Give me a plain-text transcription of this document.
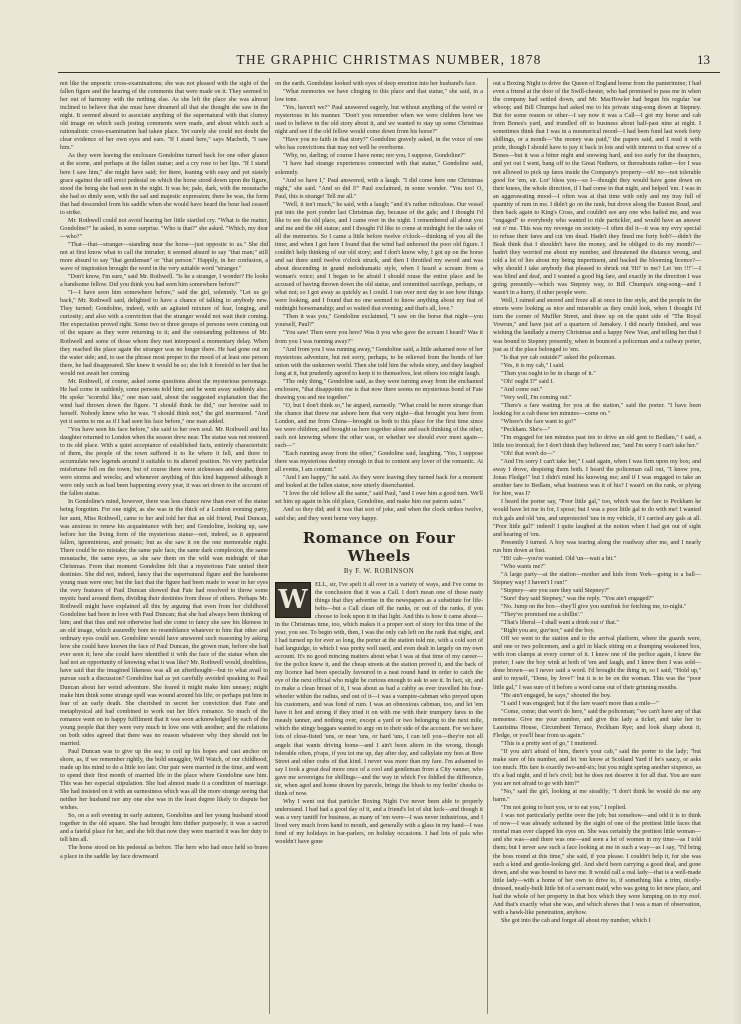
THE GRAPHIC CHRISTMAS NUMBER, 1878	13

not like the unpoetic cross-examinations; she was not pleased with the sight of the fallen figure and the hearing of the comments that were made on it. They seemed to her out of harmony with the nothing else. As she left the place she was almost inclined to believe that she must have dreamed all that she thought she saw in the night. It seemed absurd to associate anything of the supernatural with that clumsy old image on which such jesting comments were made, and about which such a rationalistic cross-examination had taken place. Yet surely she could not doubt the clear evidence of her own eyes and ears. "If I stand here," says Macbeth, "I saw him."

As they were leaving the enclosure Gondoline turned back for one other glance at the scene, and perhaps at the fallen statue; and a cry rose to her lips. "If I stand here I saw him," she might have said; for there, leaning with easy and yet stately grace against the still erect pedestal on which the horse stood down upon the figure, stood the being she had seen in the night. It was he; pale, dark, with the moustache she had so dimly seen, with the sad and majestic expression; there he was, the form that had descended from his saddle when she would have heard the hour had ceased to strike.

Mr. Rothwell could not avoid hearing her little startled cry. "What is the matter, Gondoline?" he asked, in some surprise. "Who is that?" she asked. "Which, my dear—who?"

"That—that—stranger—standing near the horse—just opposite to us." She did not at first know what to call the intruder; it seemed absurd to say "that man;" still more absurd to say "that gentleman" or "that person." Happily, in her confusion, a wave of inspiration brought the word in the very suitable word "stranger."

"Don't know, I'm sure," said Mr. Rothwell. "Is he a stranger, I wonder? He looks a handsome fellow. Did you think you had seen him somewhere before?"

"I—I have seen him somewhere before," said the girl, solemnly. "Let us go back," Mr. Rothwell said, delighted to have a chance of talking to anybody new. They turned; Gondoline, indeed, with an agitated mixture of fear, longing, and curiosity; and also with a conviction that the stranger would not wait their coming. Her expectation proved right. Some two or three groups of persons were coming out of the square as they were returning to it; and the outstanding politeness of Mr. Rothwell and some of those whom they met interposed a momentary delay. When they reached the place again the stranger was no longer there. He had gone out on the water side; and, to use the phrase most proper to the mood of at least one person there, he had disappeared. She knew it would be so; she felt it foretold to her that he would not await her coming.

Mr. Rothwell, of course, asked some questions about the mysterious personage. He had come in suddenly, some persons told him; and he went away suddenly also. He spoke "scornful like," one man said, about the suggested explanation that the wind had thrown down the figure. "I should think he did," our heroine said to herself. Nobody knew who he was. "I should think not," the girl murmured. "And yet it seems to me as if I had seen his face before," one man added.

"You have seen his face before," she said to her own soul. Mr. Rothwell and his daughter returned to London when the season drew near. The statue was not restored to its old place. With a quiet acceptance of established facts, entirely characteristic of them, the people of the town suffered it to lie where it fell, and there to accumulate new legends around it suitable to its altered position. No very particular misfortune fell on the town; but of course there were sicknesses and deaths, there were storms and wrecks; and whenever anything of this kind happened although it were only such as had been happening every year, it was set down to the account of the fallen statue.

In Gondoline's mind, however, there was less chance now than ever of the statue being forgotten. For one night, as she was in the thick of a London evening party, her aunt, Miss Rothwell, came to her and told her that an old friend, Paul Duncan, was anxious to renew his acquaintance with her; and Gondoline, looking up, saw before her the living form of the mysterious statue—not, indeed, as it appeared fallen, ignominious, and prosaic; but as she saw it on the one memorable night. There could be no mistake; the same pale face, the same dark complexion, the same moustache, the same eyes, as she saw them on the wild wan midnight of that Christmas. From that moment Gondoline felt that a mysterious Fate united their destinies. She did not, indeed, fancy that the supernatural figure and the handsome young man were one; but the fact that the figure had been made to wear in her eyes the very features of Paul Duncan showed that Fate had resolved to throw some mystic band around them, dividing their destinies from those of others. Perhaps Mr. Rothwell might have explained all this by arguing that even from her childhood Gondoline had been in love with Paul Duncan; that she had always been thinking of him; and that thus and not otherwise had she come to fancy she saw his likeness in an old image, which assuredly bore no resemblance whatever to him that other and ordinary eyes could see. Gondoline would have answered such reasoning by asking how she could have known the face of Paul Duncan, the grown man, before she had ever seen it; how she could have identified it with the face of the statue when she had not an opportunity of knowing what it was like? Mr. Rothwell would, doubtless, have said that the imagined likeness was all an afterthought—but to what avail to pursue such a discussion? Gondoline had as yet carefully avoided speaking to Paul Duncan about her weird adventure. She feared it might make him uneasy; might make him think some strange spell was wound around his life; or perhaps put him in fear of an early death. She cherished in secret her conviction that Fate and metaphysical aid had combined to work out her life's romance. So much of the romance went on to happy fulfilment that it was soon acknowledged by each of the young people that they were very much in love one with another; and the relations on both sides agreed that there was no reason whatever why they should not be married.

Paul Duncan was to give up the sea; to coil up his hopes and cast anchor on shore, as, if we remember rightly, the bold smuggler, Will Watch, of our childhood, made up his mind to do a little too late. Our pair were married in the time, and went to spend their first month of married life in the place where Gondoline saw him. This was her especial stipulation. She had almost made it a condition of marriage. She had insisted on it with an earnestness which was all the more strange seeing that neither her husband nor any one else was in the least degree likely to dispute her wishes.

So, on a soft evening in early autumn, Gondoline and her young husband stood together in the old square. She had brought him thither purposely; it was a sacred and a fateful place for her, and she felt that now they were married it was her duty to tell him all.

The horse stood on his pedestal as before. The hero who had once held so brave a place in the saddle lay face downward

on the earth. Gondoline looked with eyes of deep emotion into her husband's face.

"What memories we have clinging to this place and that statue," she said, in a low tone.

"Yes, haven't we?" Paul answered eagerly, but without anything of the weird or mysterious in his manner. "Don't you remember when we were children how we used to believe in the old story about it, and we wanted to stay up some Christmas night and see if the old fellow would come down from his horse?"

"Have you no faith in that story?" Gondoline gravely asked, in the voice of one who has convictions that may not well be overborne.

"Why, no, darling; of course I have none; nor you, I suppose, Gondoline?"

"I have had strange experiences connected with that statue," Gondoline said, solemnly.

"And so have I," Paul answered, with a laugh. "I did come here one Christmas night," she said. "And so did I!" Paul exclaimed, in some wonder. "You too! O, Paul, this is strange! Tell me all."

"Well, it isn't much," he said, with a laugh; "and it's rather ridiculous. Our vessel put into the port yonder last Christmas day, because of the gale; and I thought I'd like to see the old place, and I came over in the night. I remembered all about you and me and the old statue; and I thought I'd like to come at midnight for the sake of all the memories. So I came a little before twelve o'clock—thinking of you all the time; and when I got here I found that the wind had unhorsed the poor old figure. I couldn't help thinking of our old story; and I don't know why, I got up on the horse and sat there until twelve o'clock struck, and then I throttled my sword and was about descending in grand melodramatic style, when I heard a scream from a woman's voice; and I began to be afraid I should rouse the entire place and be accused of having thrown down the old statue, and committed sacrilege, perhaps, or what not; so I got away as quickly as I could. I ran over next day to see how things were looking, and I found that no one seemed to know anything about my feat of midnight horsemanship; and so waited that evening; and that's all, love."

"Then it was you," Gondoline exclaimed, "I saw on the horse that night—you yourself, Paul?"

"You saw! Then were you here? Was it you who gave the scream I heard? Was it from you I was running away?"

"And from you I was running away," Gondoline said, a little ashamed now of her mysterious adventure, but not sorry, perhaps, to be relieved from the bonds of her union with the unknown world. Then she told him the whole story, and they laughed long at it, but prudently agreed to keep it to themselves, lest others too might laugh.

"The only thing," Gondoline said, as they were turning away from the enchanted enclosure, "that disappoints me is that now there seems no mysterious bond of Fate drawing you and me together."

"O, but I don't think so," he argued, earnestly. "What could be more strange than the chance that threw me ashore here that very night—that brought you here from London, and me from China—brought us both to this place for the first time since we were children; and brought us here together alone and each thinking of the other, each not knowing where the other was, or whether we should ever meet again—each—"

"Each running away from the other," Gondoline said, laughing. "Yes, I suppose there was mysterious destiny enough in that to content any lover of the romantic. At all events, I am content."

"And I am happy," he said. As they were leaving they turned back for a moment and looked at the fallen statue, now utterly disenchanted.

"I love the old fellow all the same," said Paul, "and I owe him a good turn. We'll set him up again in his old place, Gondoline, and make him our patron saint."

And so they did; and it was that sort of joke, and when the clock strikes twelve, said she; and they went home very happy.

Romance on Four Wheels
By F. W. ROBINSON
W	ELL, sir, I've spelt it all over in a variety of ways, and I've come to the conclusion that it was a Call. I don't mean one of those nasty things that they advertise in the newspapers as a substitute for life-belts—but a Call clean off the ranks, or out of the ranks, if you choose to look upon it in that light. And this is how it came about—in the Christmas time, too, which makes it a proper sort of story for this time of the year, you see. To begin with, then, I was the only cab left on the rank that night, and I had turned up for ever so long, the porter at the station told me, with a cold sort of bad languidge, to which I was pretty well used, and even dealt in largely on my own account. It's no good mincing matters about what I was at that time of my career—for the police knew it, and the cheap streets at the station proved it, and the back of my licence had been specially favoured in a neat round hand in order to catch the eye of the next official who might be curious enough to ask to see it. In fact, sir, and to make a clean breast of it, I was about as bad a cabby as ever travelled his four-wheeler within the radius, and out of it—I was a vampire-cabman who preyed upon his customers, and was fond of rum. I was an obnoxious cabman, too, and let 'em have it hot and strong if they tried it on with me with their trumpery fares to the measly tanner, and nothing over, except a yard or two belonging to the next mile, which the stingy beggars wanted to argy on to their side of the account. For we have lots of close-fisted 'uns, or near 'uns, or hard 'uns, I can tell you—they're not all angels that wants driving home—and I ain't been altern in the wrong, though tolerable often, p'raps, if you tot me up, day after day, and calkylate my fees at Bow Street and other crabs of that kind. I never was more than my fare. I'm ashamed to say I took a great deal more once of a cool and gentleman from a City vanner, who gave me sovereigns for shillings—and the way in which I've fiddled the difference, sir, when aged and home drawn by parcels, brings the blush to my feelin' cheeks to think of now.

Why I went out that particler Boxing Night I've never been able to properly understand. I had had a good day of it, and a friend's lot of slut luck—and though it was a very tantiff for business, as many of 'em were—I was never industrious, and I lived very much from hand to mouth, and generally with a glass in my hand—I was fond of my holidays in bar-parlers, on holiday occasions. I had lots of pals who wouldn't have gone

out a Boxing Night to drive the Queen of England home from the panterimine; I had even a friend at the door of the Swill-chester, who had promised to pass me in when the company had settled down, and Mr. MacHowler had begun his regular 'ear whoop; and Bill Chumpa had asked me to his private sing-song down at Stepney. But for some reason or other—I say now it was a Call—I got my horse and cab from Bones's yard, and trundled off to business about half-past nine at night. I sometimes think that I was in a mesmerical mood—I had been fond last week forty shillings, or a month—"the money was paid," the papers said, and I read it with pride, though I should have to pay it back in lots and with interest to that screw of a Bones—but it was a bitter night and snowing hard, and too early for the theayters, and yet out I went, bang off to the Great Nuthern, or thereabouts rather—for I was not allowed to pick up fares inside the Company's property—oh! no—not tolerable good for 'em, sir. Lor' bless you—so I—thought they would have gone down on their knees, the whole direction, if I had come in that night, and helped 'em. I was in an aggerawating mood—I often was at that time with only and my tray full of quantity of rum in me. I didn't go on the rank, but drove along the Euston Road, and then back again to King's Cross, and couldn't see any one who hailed me, and was "engaged" to everybody who wanted to ride partickler, and would have an answer out o' me. This was my revenge on society—I often did it—it was my evry special to refuse their fares and cut 'em dead. Hadn't they fined me forty bob?—didn't the Beak think that I shouldn't have the money, and be obliged to do my month?—hadn't they worried me about my number, and threatened the distance wrong, and told a lot of lies about my being impertinent, and backed the blooming licence?—why should I take anybody that pleased to shriek out 'Hi!' to me? Let 'em !!!"—I was blind and deaf, and I wanted a good big fare, and exactly in the direction I was going presently—which was Stepney way, to Bill Chumpa's sing-song—and I wasn't in a hurry, if other people were.

Well, I rained and snored and froze all at once in fine style, and the people in the streets were looking as nice and miserable as they could look, when I thought I'd turn the corner of Muffler Street, and draw up on the quiet side of "The Royal Vowrun," and have just arf a quartern of Jamakey. I did nearly finished, and was wishing the landlady a merry Christmas and a happy New Year, and telling her that I was bound to Stepney presently, when in bounced a policeman and a railway porter, just as if the place belonged to 'em.

"Is that yer cab outside?" asked the policeman.

"Yes, it is my cab," I said.

"Then you ought to be in charge of it."

"Oh! ought I?" said I.

"And come out."

"Very well, I'm coming out."

"There's a fare waiting for you at the station," said the porter. "I have been looking for a cab these ten minutes—come on."

"Where's the fare want to go?"

"Peckham. She's—"

"I'm engaged for ten minutes past ten to drive an old gent to Bedlam," I said, a little too ironical; for I don't think they believed me; "and I'm sorry I can't take her."

"Oh! that won't do—"

"And I'm sorry I can't take her," I said again, when I was firm upon my box; and away I drove, despising them both. I heard the policeman call out, "I know you, Jonas Fledge!" but I didn't mind his knowing me; and if I was engaged to take an another fare to Bedlam, what business was it of his? I wasn't on the rank, or plying for hire, was I?

I heard the porter say, "Poor little gal," too, which was the fare to Peckham he would have let me in for, I spose; but I was a poor little gal to do with me! I wanted rich gals and old 'uns, and unprotected 'uns in my vehicle, if I carried any gals at all. "Poor little gal!" indeed! I quite laughed at the notion when I had got out of sight and hearing of 'em.

Presently I turned. A boy was tearing along the roadway after me, and I nearly run him down at fust.

"Hi! cab—you're wanted. Old 'un—wait a bit."

"Who wants me?"

"A large party—at the station—mother and kids from York—going to a ball—Stepney way! I haven't I run!"

"Stepney—are you sure they said Stepney?"

"Sure! they said Stepney," was the reply. "You ain't engaged?"

"No. Jump on the box—they'll give you sumfink for fetching me, to-night."

"They've promised me a shillin'."

"That's liberal—I shall want a drink out o' that."

"Right you are, guv'nor," said the boy.

Off we went to the station and to the arrival platform, where the guards were, and one or two policemen, and a girl in black sitting on a thumping weakened box, with iron clamps at every corner of it. I knew one of the perlice again, I knew the porter; I saw the boy wink at both of 'em and laugh, and I knew then I was sold—done brown—so I never said a word. I'd brought the thing in, so I said, "Hold up," and to myself, "Done, by Jove!" but it is to be on the woman. This was the "poor little gal," I was sure of it before a word came out of their grinning mouths.

"He ain't engaged, he says," shouted the boy.

"I said I was engaged; but if the fare wasn't more than a mile—"

"Come, come; that won't do here," said the policeman; "we can't have any of that nonsense. Give me your number, and give this lady a ticket, and take her to Lauristina House, Circumbent Terrace, Peckham Rye; and look sharp about it, Fledge, or you'll hear from us again."

"This is a pretty sort of go," I muttered.

"If you ain't afraid of him, there's your cab," said the porter to the lady; "but make sure of his number, and let 'em know at Scotland Yard if he's saucy, or asks too much. His fare is exactly two-and-six; but you might spring another sixpence, as it's a bad night, and if he's civil; but he does not deserve it for all that. You are sure you are not afraid to go with him?"

"No," said the girl, looking at me steadily; "I don't think he would do me any harm."

"I'm not going to hurt you, or to eat you," I replied.

I was not particularly perlite over the job; but somehow—and odd it is to think of now—I was already softened by the sight of one of the prettiest little faces that mortal man ever clapped his eyes on. She was certainly the prettiest little woman—and she was—and there was one—and seen a lot of women in my time—as I told them; but I never saw such a face looking at me in such a way—as I say, "I'd bring the boss round at this time," she said, if you please. I couldn't help it, for she was such a kind and gentle-looking girl. And she'd been carrying a good deal, and gone down, and she was bound to have me. It would call a real lady—that is a well-made little lady—with a home of her own to drive to, if something like a trim, nicely-dressed, neatly-built little bit of a servant maid, who was going to let new place, and had the whole of her property in that box which they were lumping on to my roof. And that's exactly what she was, and which shows that I was a man of observation, with a hawk-like penetration, anyhow.

She got into the cab and forgot all about my number, which I
